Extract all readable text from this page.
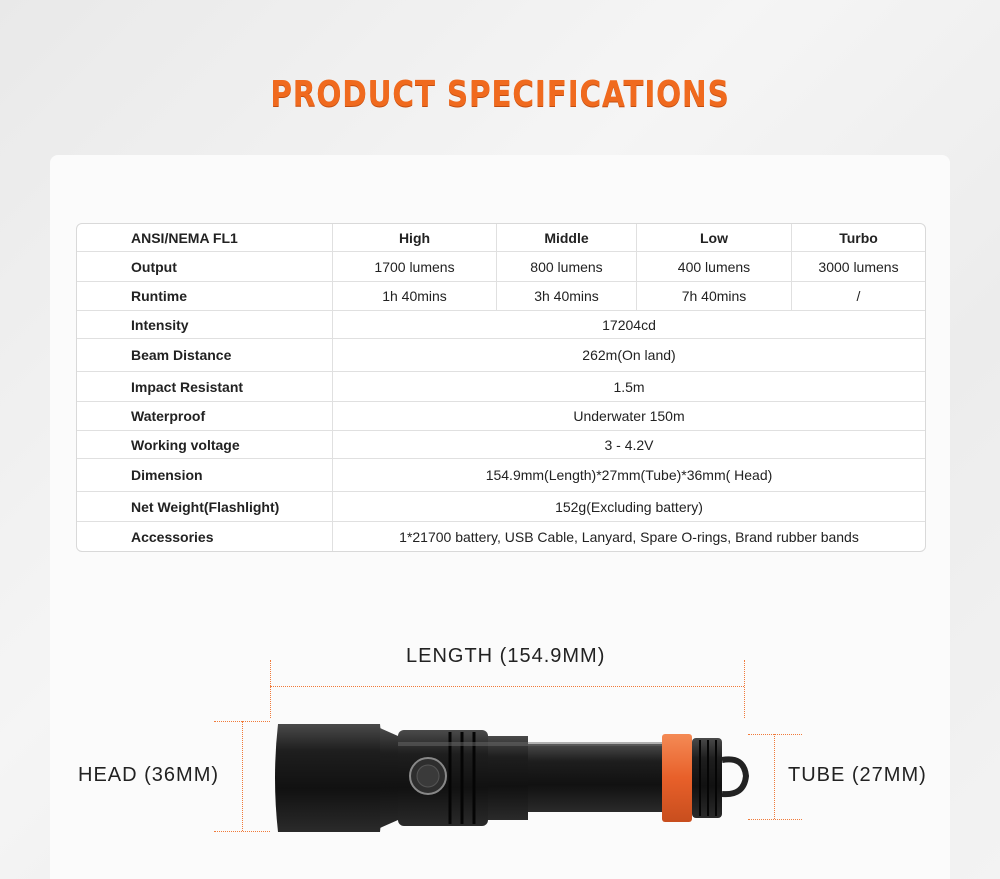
PRODUCT SPECIFICATIONS
ANSI/NEMA FL1	High	Middle	Low	Turbo
Output	1700 lumens	800 lumens	400 lumens	3000 lumens
Runtime	1h 40mins	3h 40mins	7h 40mins	/
Intensity	17204cd
Beam Distance	262m(On land)
Impact Resistant	1.5m
Waterproof	Underwater 150m
Working voltage	3 - 4.2V
Dimension	154.9mm(Length)*27mm(Tube)*36mm( Head)
Net Weight(Flashlight)	152g(Excluding battery)
Accessories	1*21700 battery, USB Cable, Lanyard, Spare O-rings, Brand rubber bands
LENGTH (154.9MM)
HEAD (36MM)	TUBE (27MM)
